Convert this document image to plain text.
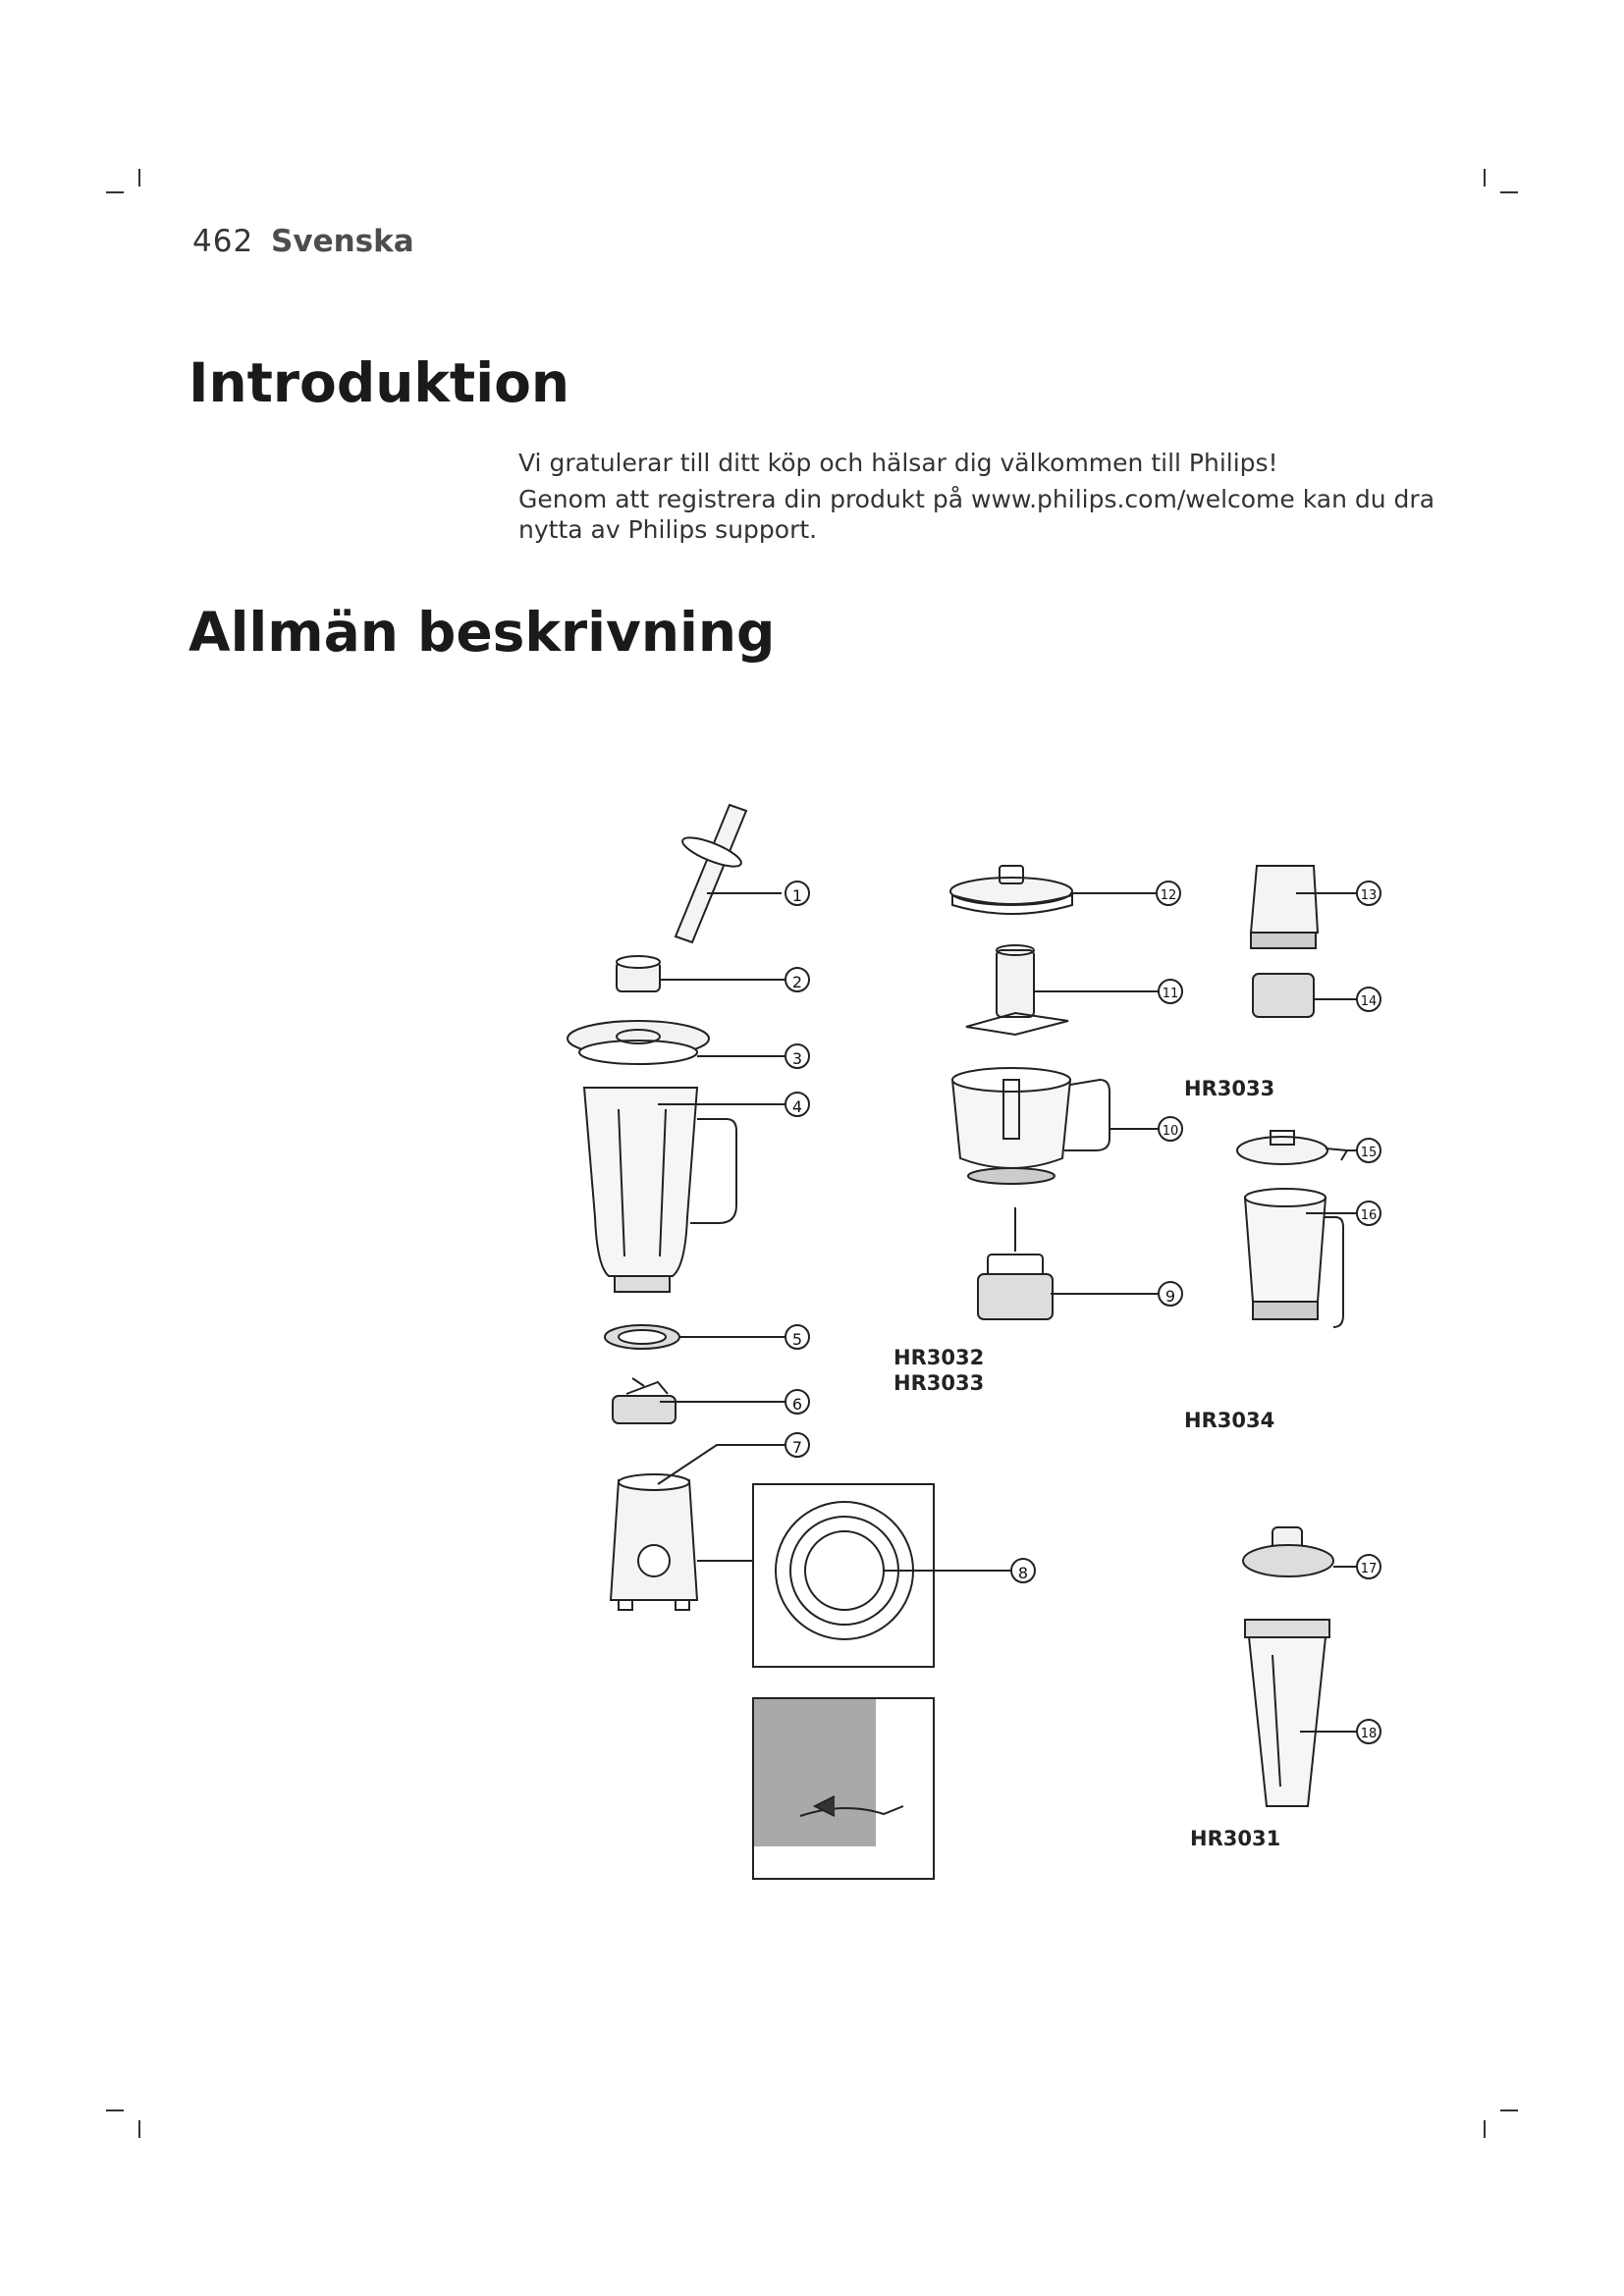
462 Svenska
Introduktion

Vi gratulerar till ditt köp och hälsar dig välkommen till Philips!

Genom att registrera din produkt på www.philips.com/welcome kan du dra nytta av Philips support.

Allmän beskrivning
1
2
3
4
5
6
7
8
9
10
11
12	13
14
15
16
17
18
HR3032
HR3033
HR3033
HR3034
HR3031
